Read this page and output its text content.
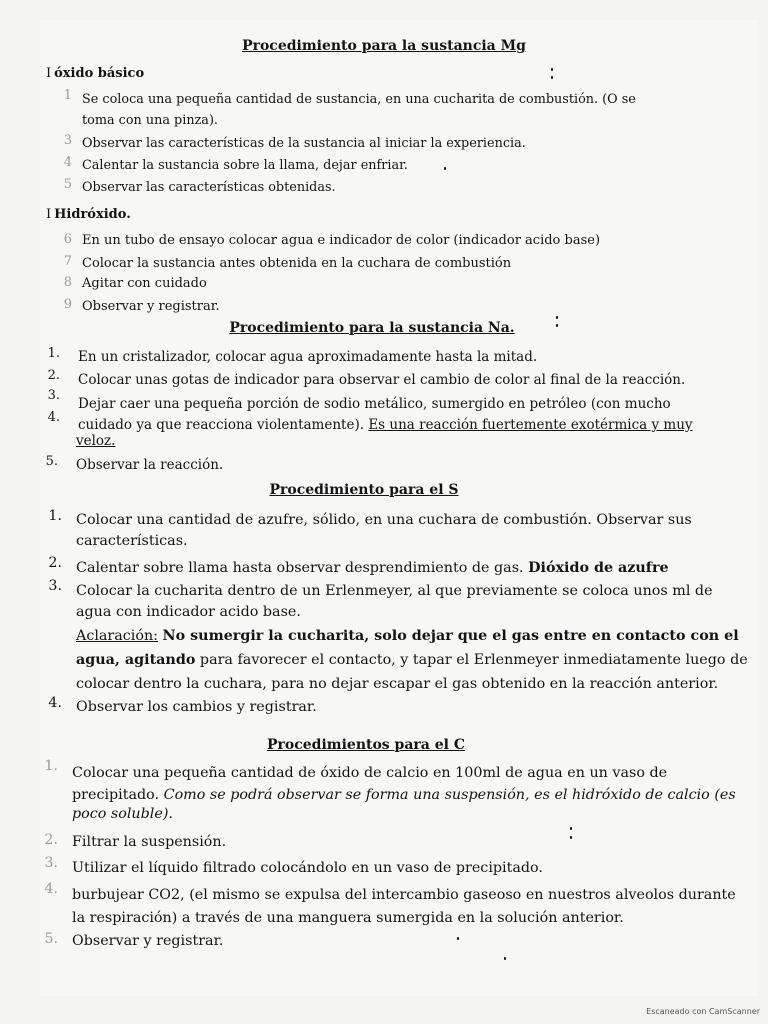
Procedimiento para la sustancia Mg
I óxido básico
1 Se coloca una pequeña cantidad de sustancia, en una cucharita de combustión. (O se
toma con una pinza).
3 Observar las características de la sustancia al iniciar la experiencia.
4 Calentar la sustancia sobre la llama, dejar enfriar.
5 Observar las características obtenidas.
I Hidróxido.
6 En un tubo de ensayo colocar agua e indicador de color (indicador acido base)
7 Colocar la sustancia antes obtenida en la cuchara de combustión
8 Agitar con cuidado
9 Observar y registrar.
Procedimiento para la sustancia Na.
1. En un cristalizador, colocar agua aproximadamente hasta la mitad.
2. Colocar unas gotas de indicador para observar el cambio de color al final de la reacción.
3.
Dejar caer una pequeña porción de sodio metálico, sumergido en petróleo (con mucho
4. cuidado ya que reacciona violentamente). Es una reacción fuertemente exotérmica y muy
veloz.
5. Observar la reacción.
Procedimiento para el S
1. Colocar una cantidad de azufre, sólido, en una cuchara de combustión. Observar sus
características.
2. Calentar sobre llama hasta observar desprendimiento de gas. Dióxido de azufre
3. Colocar la cucharita dentro de un Erlenmeyer, al que previamente se coloca unos ml de
agua con indicador acido base.
Aclaración: No sumergir la cucharita, solo dejar que el gas entre en contacto con el
agua, agitando para favorecer el contacto, y tapar el Erlenmeyer inmediatamente luego de
colocar dentro la cuchara, para no dejar escapar el gas obtenido en la reacción anterior.
4. Observar los cambios y registrar.
Procedimientos para el C
1. Colocar una pequeña cantidad de óxido de calcio en 100ml de agua en un vaso de
precipitado. Como se podrá observar se forma una suspensión, es el hidróxido de calcio (es
poco soluble).
2. Filtrar la suspensión.
3. Utilizar el líquido filtrado colocándolo en un vaso de precipitado.
4. burbujear CO2, (el mismo se expulsa del intercambio gaseoso en nuestros alveolos durante
la respiración) a través de una manguera sumergida en la solución anterior.
5. Observar y registrar.
Escaneado con CamScanner
